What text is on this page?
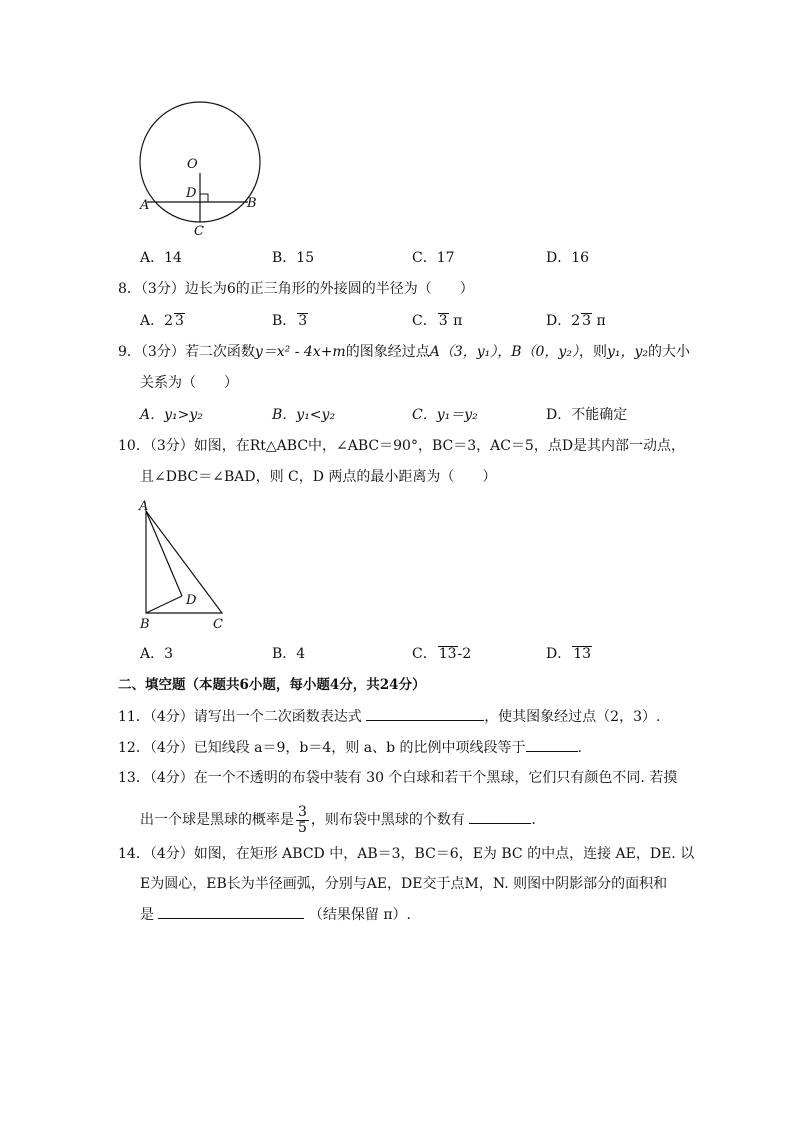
O
D
A	B
C
A．14	B．15	C．17	D．16
8．（3分）边长为6的正三角形的外接圆的半径为（　　）
A．2 3	B． 3	C． 3 π	D．2 3 π
9．（3分）若二次函数y＝x² - 4x+m的图象经过点A（3，y₁），B（0，y₂），则y₁，y₂的大小
关系为（　　）
A．y₁>y₂	B．y₁<y₂	C．y₁＝y₂	D．不能确定
10．（3分）如图，在Rt△ABC中，∠ABC＝90°，BC＝3，AC＝5，点D是其内部一动点，
且∠DBC＝∠BAD，则 C，D 两点的最小距离为（　　）
A
B	C
D
A．3	B．4	C． 13-2	D． 13
二、填空题（本题共6小题，每小题4分，共24分）
11．（4分）请写出一个二次函数表达式	，使其图象经过点（2，3）.
12．（4分）已知线段 a＝9，b＝4，则 a、b 的比例中项线段等于	.
13．（4分）在一个不透明的布袋中装有 30 个白球和若干个黑球，它们只有颜色不同. 若摸
出一个球是黑球的概率是 $\frac{3}{5}$ ，则布袋中黑球的个数有	.
14．（4分）如图，在矩形 ABCD 中，AB＝3，BC＝6，E为 BC 的中点，连接 AE，DE. 以
E为圆心，EB长为半径画弧，分别与AE，DE交于点M，N. 则图中阴影部分的面积和
是	（结果保留 π）.
